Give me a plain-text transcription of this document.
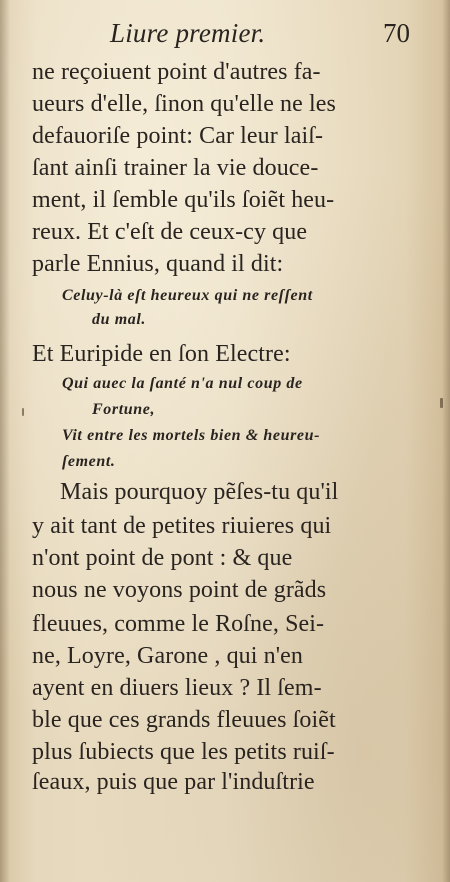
Liure premier.	70
ne reçoiuent point d'autres fa-
ueurs d'elle, ſinon qu'elle ne les
defauoriſe point: Car leur laiſ-
ſant ainſi trainer la vie douce-
ment, il ſemble qu'ils ſoiẽt heu-
reux. Et c'eſt de ceux-cy que
parle Ennius, quand il dit:
Celuy-là eſt heureux qui ne reſſent
du mal.
Et Euripide en ſon Electre:
Qui auec la ſanté n'a nul coup de
Fortune,
Vit entre les mortels bien & heureu-
ſement.
Mais pourquoy pẽſes-tu qu'il
y ait tant de petites riuieres qui
n'ont point de pont : & que
nous ne voyons point de grãds
fleuues, comme le Roſne, Sei-
ne, Loyre, Garone , qui n'en
ayent en diuers lieux ? Il ſem-
ble que ces grands fleuues ſoiẽt
plus ſubiects que les petits ruiſ-
ſeaux, puis que par l'induſtrie
